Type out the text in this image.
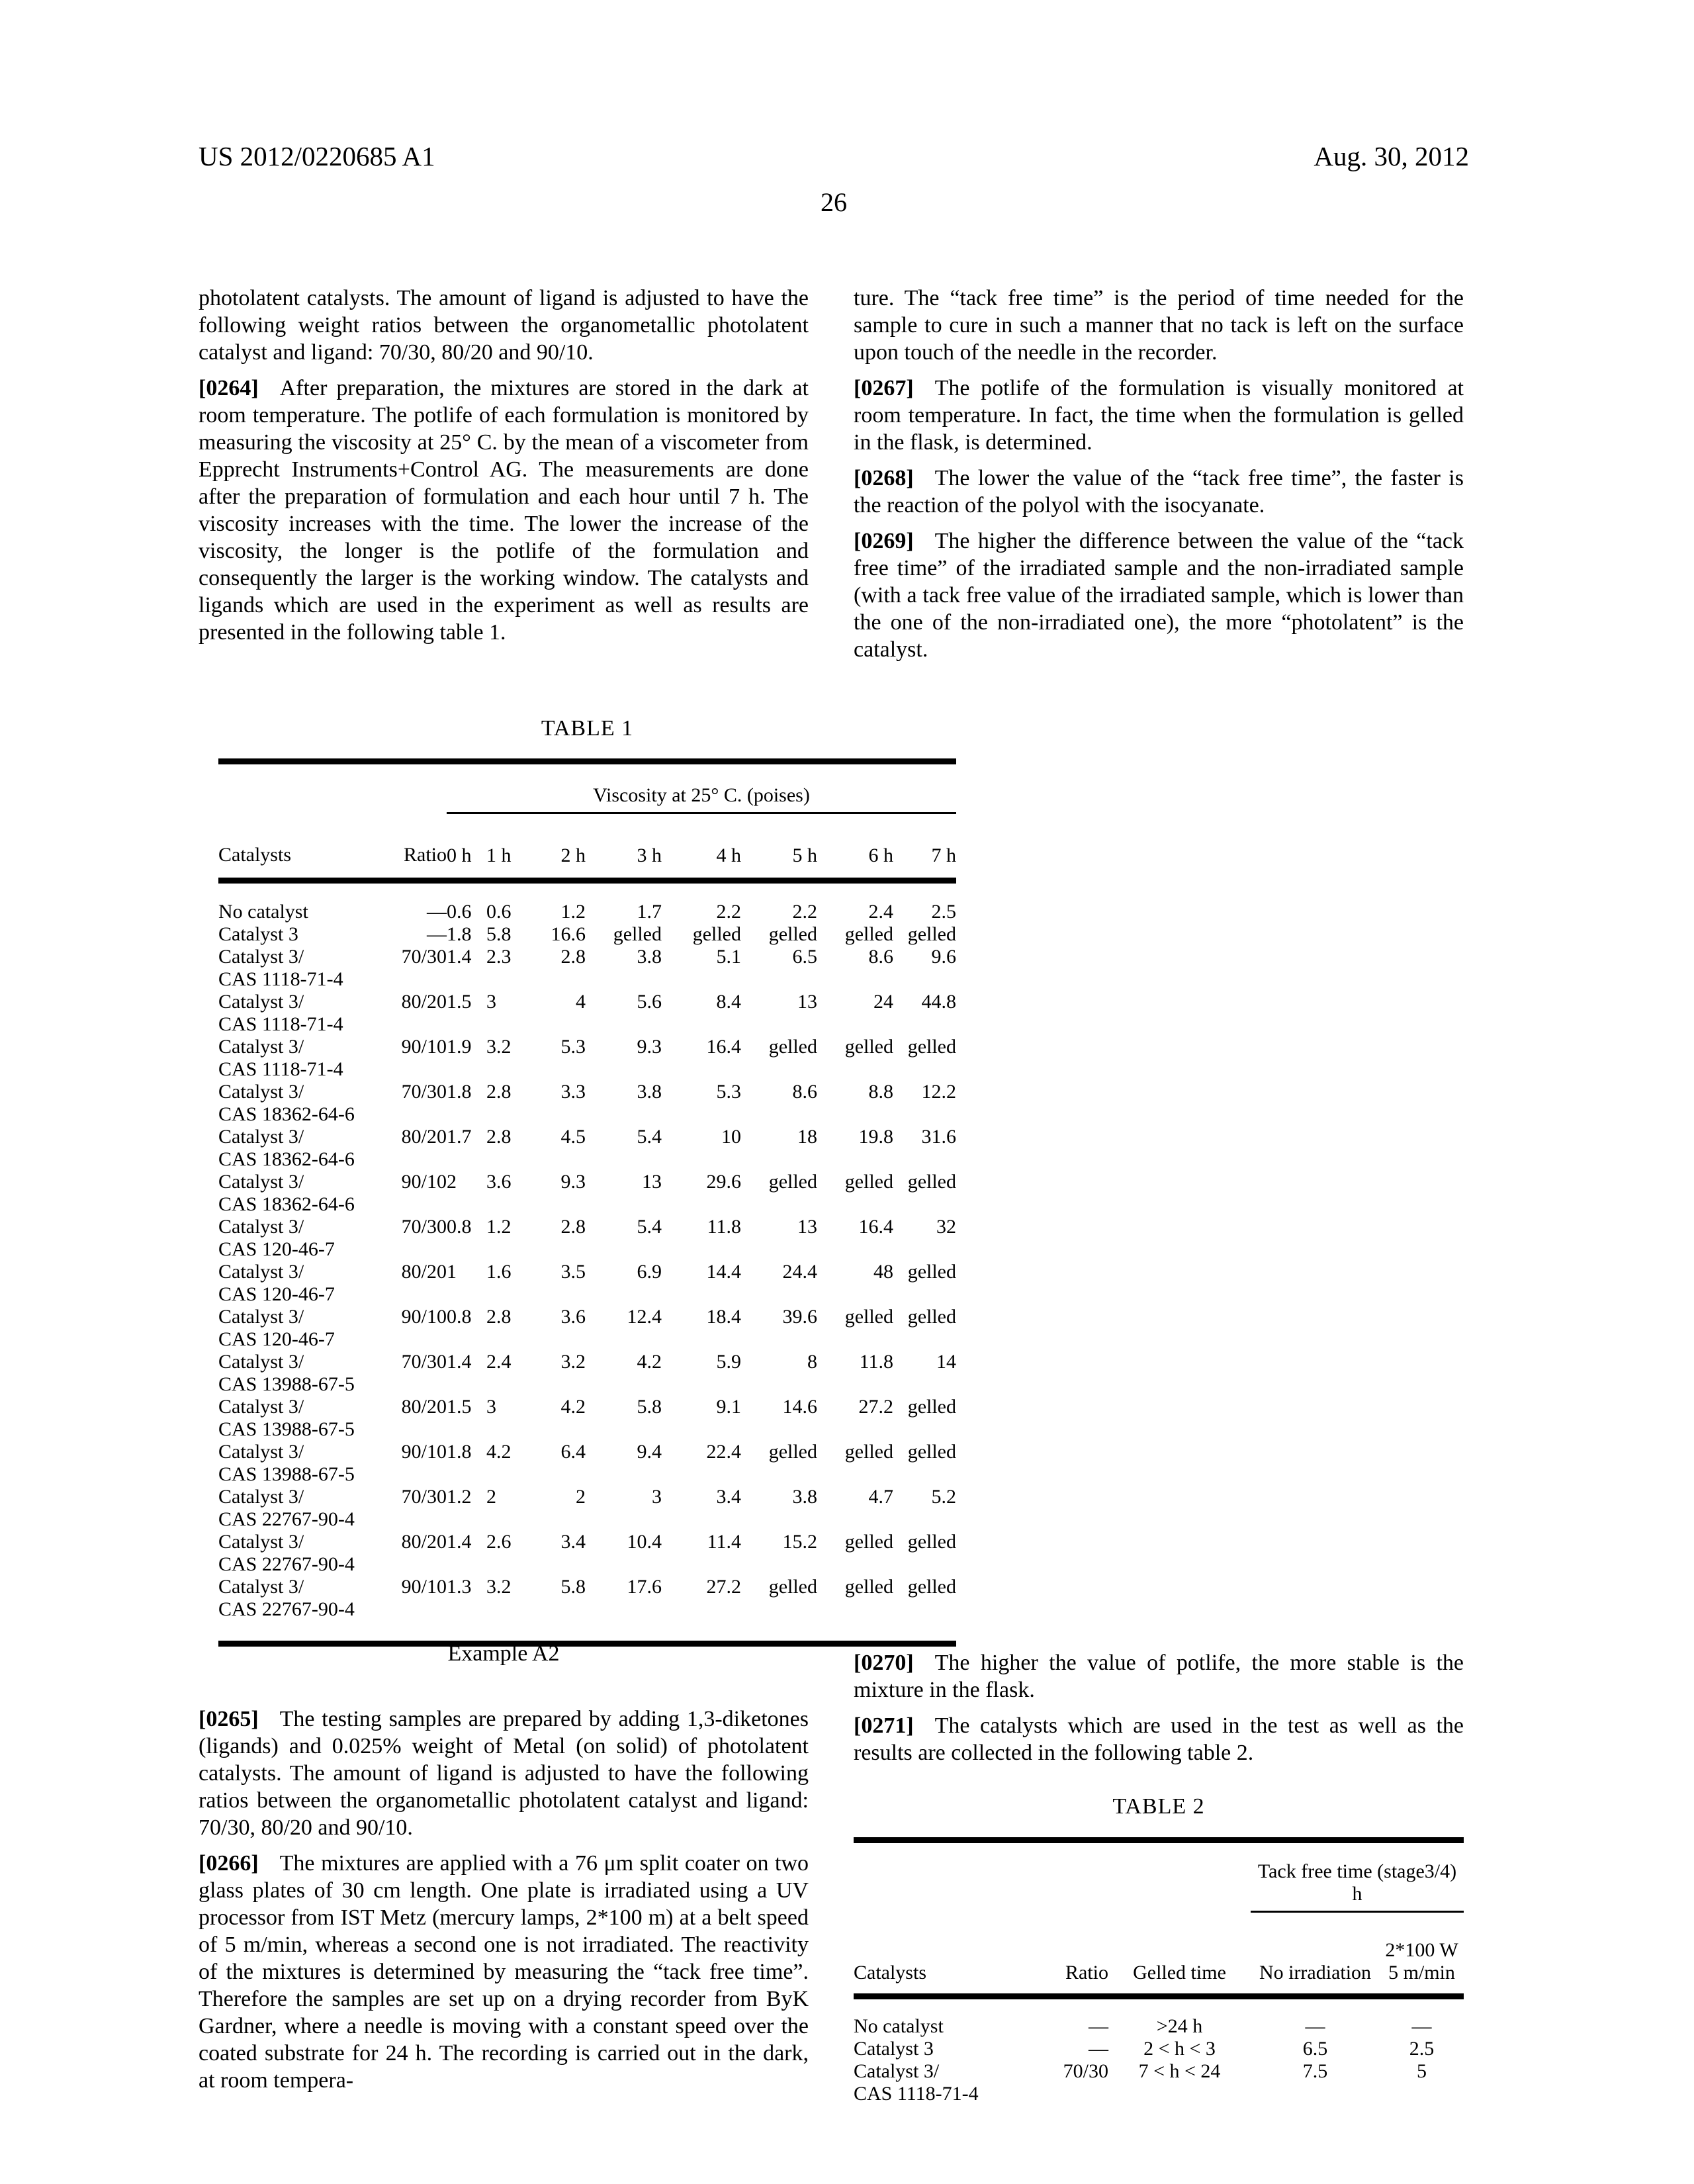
US 2012/0220685 A1	Aug. 30, 2012
26

photolatent catalysts. The amount of ligand is adjusted to have the following weight ratios between the organometallic photolatent catalyst and ligand: 70/30, 80/20 and 90/10.

[0264] After preparation, the mixtures are stored in the dark at room temperature. The potlife of each formulation is monitored by measuring the viscosity at 25° C. by the mean of a viscometer from Epprecht Instruments+Control AG. The measurements are done after the preparation of formulation and each hour until 7 h. The viscosity increases with the time. The lower the increase of the viscosity, the longer is the potlife of the formulation and consequently the larger is the working window. The catalysts and ligands which are used in the experiment as well as results are presented in the following table 1.

ture. The “tack free time” is the period of time needed for the sample to cure in such a manner that no tack is left on the surface upon touch of the needle in the recorder.

[0267] The potlife of the formulation is visually monitored at room temperature. In fact, the time when the formulation is gelled in the flask, is determined.

[0268] The lower the value of the “tack free time”, the faster is the reaction of the polyol with the isocyanate.

[0269] The higher the difference between the value of the “tack free time” of the irradiated sample and the non-irradiated sample (with a tack free value of the irradiated sample, which is lower than the one of the non-irradiated one), the more “photolatent” is the catalyst.

TABLE 1
		Viscosity at 25° C. (poises)							
Catalysts	Ratio	0 h	1 h	2 h	3 h	4 h	5 h	6 h	7 h

No catalyst	—	0.6	0.6	1.2	1.7	2.2	2.2	2.4	2.5

Catalyst 3	—	1.8	5.8	16.6	gelled	gelled	gelled	gelled	gelled

Catalyst 3/
CAS 1118-71-4	70/30	1.4	2.3	2.8	3.8	5.1	6.5	8.6	9.6

Catalyst 3/
CAS 1118-71-4	80/20	1.5	3	4	5.6	8.4	13	24	44.8

Catalyst 3/
CAS 1118-71-4	90/10	1.9	3.2	5.3	9.3	16.4	gelled	gelled	gelled

Catalyst 3/
CAS 18362-64-6	70/30	1.8	2.8	3.3	3.8	5.3	8.6	8.8	12.2

Catalyst 3/
CAS 18362-64-6	80/20	1.7	2.8	4.5	5.4	10	18	19.8	31.6

Catalyst 3/
CAS 18362-64-6	90/10	2	3.6	9.3	13	29.6	gelled	gelled	gelled

Catalyst 3/
CAS 120-46-7	70/30	0.8	1.2	2.8	5.4	11.8	13	16.4	32

Catalyst 3/
CAS 120-46-7	80/20	1	1.6	3.5	6.9	14.4	24.4	48	gelled

Catalyst 3/
CAS 120-46-7	90/10	0.8	2.8	3.6	12.4	18.4	39.6	gelled	gelled

Catalyst 3/
CAS 13988-67-5	70/30	1.4	2.4	3.2	4.2	5.9	8	11.8	14

Catalyst 3/
CAS 13988-67-5	80/20	1.5	3	4.2	5.8	9.1	14.6	27.2	gelled

Catalyst 3/
CAS 13988-67-5	90/10	1.8	4.2	6.4	9.4	22.4	gelled	gelled	gelled

Catalyst 3/
CAS 22767-90-4	70/30	1.2	2	2	3	3.4	3.8	4.7	5.2

Catalyst 3/
CAS 22767-90-4	80/20	1.4	2.6	3.4	10.4	11.4	15.2	gelled	gelled

Catalyst 3/
CAS 22767-90-4	90/10	1.3	3.2	5.8	17.6	27.2	gelled	gelled	gelled
Example A2

[0265] The testing samples are prepared by adding 1,3-diketones (ligands) and 0.025% weight of Metal (on solid) of photolatent catalysts. The amount of ligand is adjusted to have the following ratios between the organometallic photolatent catalyst and ligand: 70/30, 80/20 and 90/10.

[0266] The mixtures are applied with a 76 μm split coater on two glass plates of 30 cm length. One plate is irradiated using a UV processor from IST Metz (mercury lamps, 2*100 m) at a belt speed of 5 m/min, whereas a second one is not irradiated. The reactivity of the mixtures is determined by measuring the “tack free time”. Therefore the samples are set up on a drying recorder from ByK Gardner, where a needle is moving with a constant speed over the coated substrate for 24 h. The recording is carried out in the dark, at room tempera-

[0270] The higher the value of potlife, the more stable is the mixture in the flask.

[0271] The catalysts which are used in the test as well as the results are collected in the following table 2.

TABLE 2
			Tack free time (stage3/4) h	
Catalysts	Ratio	Gelled time	No irradiation	2*100 W
5 m/min

No catalyst	—	>24 h	—	—

Catalyst 3	—	2 < h < 3	6.5	2.5

Catalyst 3/
CAS 1118-71-4	70/30	7 < h < 24	7.5	5
